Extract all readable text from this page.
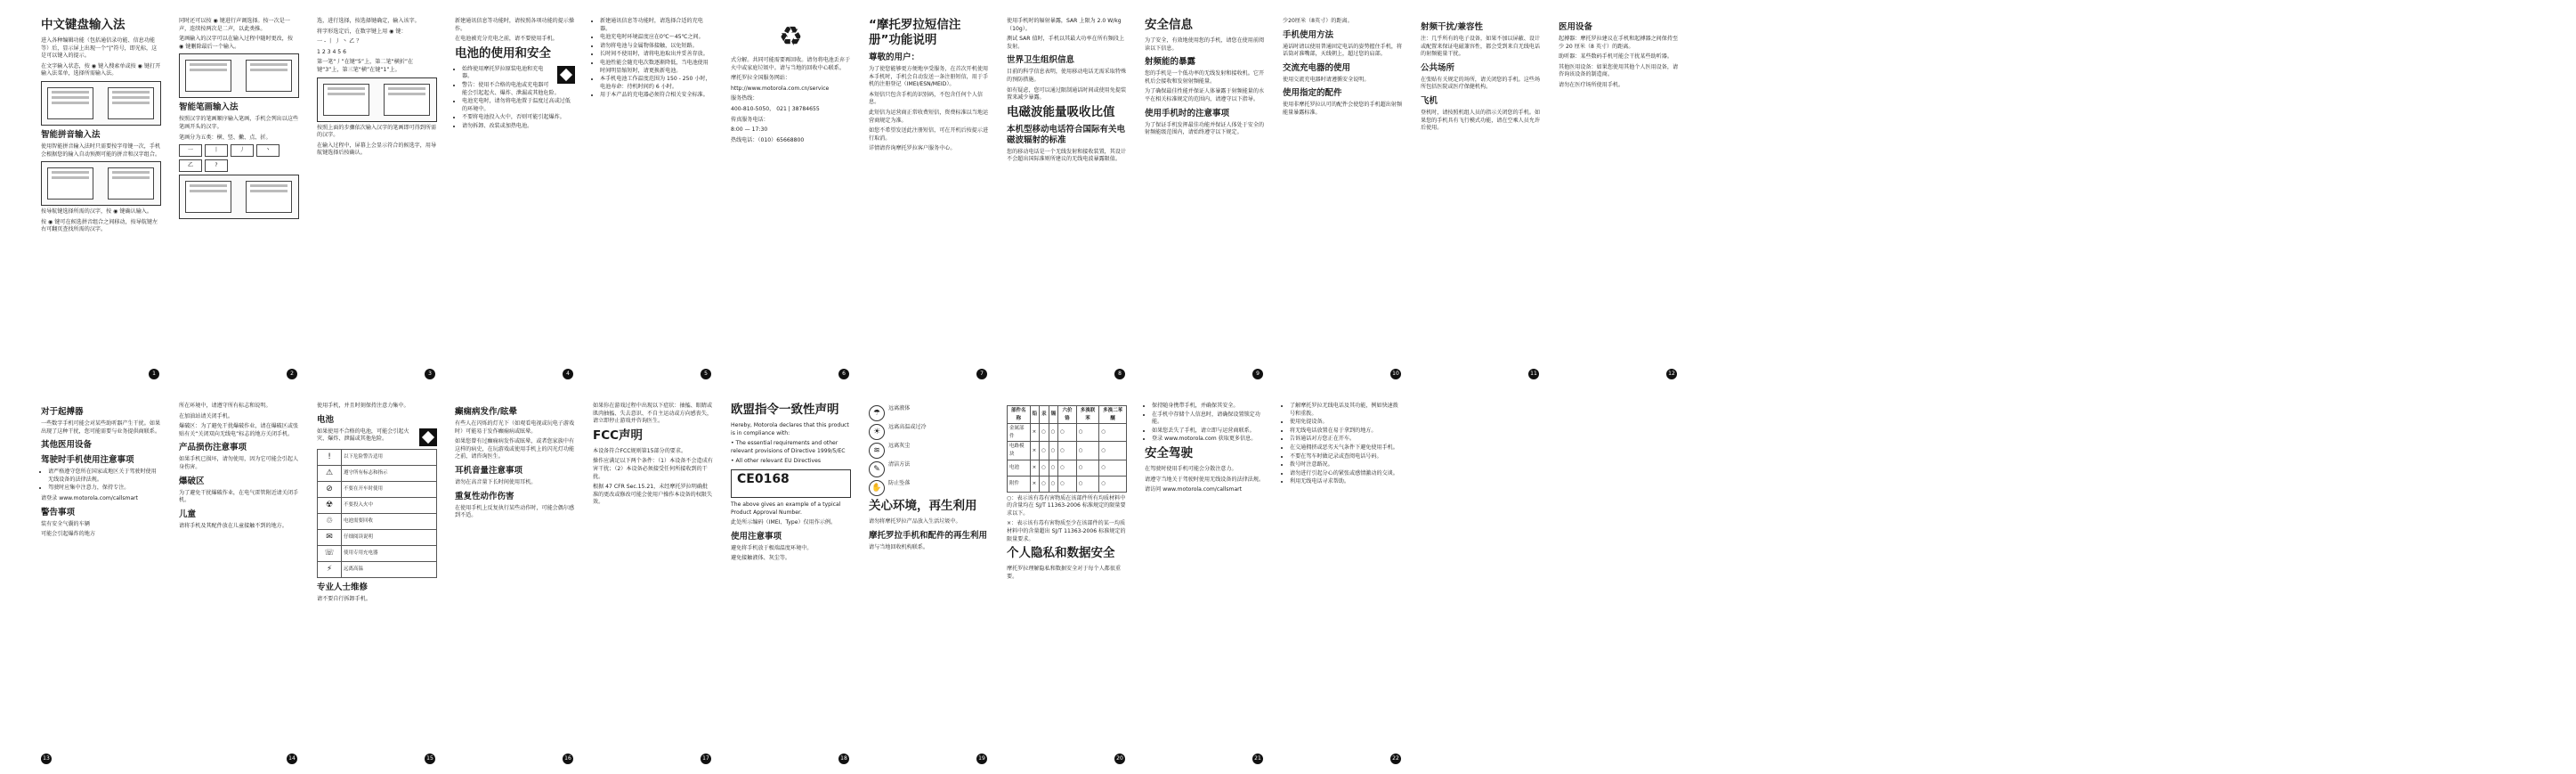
中文键盘输入法

进入各种编辑功能（包括通信录功能、信息功能等）后，显示屏上出现一个“|”符号，即光标，这是可以键入的提示。

在文字输入状态，按 ◉ 键入搜索单或按 ◉ 键打开输入法菜单，选择所需输入法。

智能拼音输入法

使用智能拼音输入法时只需要按字母键一次，手机会根据您的输入自动预测可能的拼音和汉字组合。

按导航键选择所需的汉字，按 ◉ 键确认输入。

按 ◉ 键可在候选拼音组合之间移动，按导航键左右可翻页查找所需的汉字。

1

同时还可以按 ◉ 键进行声调选择。按一次是一声，连续按两次是二声，以此类推。

笔画输入的汉字可以在输入过程中随时更改，按 ◉ 键删除最后一个输入。

智能笔画输入法

按照汉字的笔画顺序输入笔画，手机会列出以这些笔画开头的汉字。

笔画分为五类：横、竖、撇、点、折。

一	丨	丿	丶
乙	?
2

选，进行选择，按选择键确定，输入该字。

将字形选定后，在数字键上用 ◉ 键：

一 - 丨 丿 丶 乙 ？

1 2 3 4 5 6

第一笔“丿”在键“5”上，第二笔“横折”在键“3”上，第三笔“横”在键“1”上。

按照上面的步骤依次输入汉字的笔画即可得到所需的汉字。

在输入过程中，屏幕上会显示符合的候选字，用导航键选择后按确认。

3

新建通讯信息等功能时，请按照各项功能的提示操作。

在电池被充分充电之前，请不要使用手机。

电池的使用和安全
• 始终使用摩托罗拉原装电池和充电器。
• 警告：使用不合格的电池或充电器可能会引起起火、爆炸、泄漏或其他危险。
• 电池充电时，请勿将电池置于温度过高或过低的环境中。
• 不要将电池投入火中，否则可能引起爆炸。
• 请勿拆卸、改装或加热电池。
4
• 新建通讯信息等功能时，请选择合适的充电器。
• 电池充电时环境温度应在0℃～45℃之间。
• 请勿将电池与金属物体接触，以免短路。
• 长时间不使用时，请将电池取出并妥善存放。
• 电池性能会随充电次数逐渐降低，当电池使用时间明显缩短时，请更换新电池。
• 本手机电池工作温度范围为 150 - 250 小时，电池寿命：待机时间约 6 小时。
• 用于本产品的充电器必须符合相关安全标准。
5
♻

式分解。共同可能需要再回收。请勿将电池丢弃于火中或家庭垃圾中。请与当地的回收中心联系。

摩托罗拉全国服务网站：

http://www.motorola.com.cn/service

服务热线：

400-810-5050， 021 | 38784655

传真服务电话：

8:00 — 17:30

热线电话：（010）65668800

6
“摩托罗拉短信注册”功能说明
尊敬的用户：

为了使您能够更方便地享受服务，在首次开机使用本手机时，手机会自动发送一条注册短信，用于手机的注册登记（IMEI/ESN/MEID）。

本短信只包含手机的识别码，不包含任何个人信息。

此短信为运营商正常收费短信，资费标准以当地运营商规定为准。

如您不希望发送此注册短信，可在开机后按提示进行取消。

详情请咨询摩托罗拉客户服务中心。

7

使用手机时的辐射暴露，SAR 上限为 2.0 W/kg（10g）。

测试 SAR 值时，手机以其最大功率在所有频段上发射。

世界卫生组织信息

目前的科学信息表明，使用移动电话无需采取特殊的预防措施。

如有疑虑，您可以通过限制通话时间或使用免提装置来减少暴露。

电磁波能量吸收比值
本机型移动电话符合国际有关电磁波辐射的标准

您的移动电话是一个无线发射和接收装置，其设计不会超出国际准则所建议的无线电波暴露限值。

8
安全信息

为了安全，有效地使用您的手机，请您在使用前阅读以下信息。

射频能的暴露

您的手机是一个低功率的无线发射和接收机。它开机后会接收和发射射频能量。

为了确保最佳性能并保证人体暴露于射频能量的水平在相关标准规定的范围内，请遵守以下指导。

使用手机时的注意事项

为了保证手机发挥最佳功能并保证人体处于安全的射频能级范围内，请始终遵守以下规定。

9

少20厘米（8英寸）的距离。

手机使用方法

通话时请以使用普通固定电话的姿势握住手机，将话筒对准嘴部，天线朝上，超过您的肩部。

交流充电器的使用

使用交流充电器时请遵循安全说明。

使用指定的配件

使用非摩托罗拉认可的配件会使您的手机超出射频能量暴露标准。

10
射频干扰/兼容性

注：几乎所有的电子设备，如果不加以屏蔽、设计或配置来保证电磁兼容性，都会受到来自无线电话的射频能量干扰。

公共场所

在张贴有关规定的场所，请关闭您的手机。这些场所包括医院或医疗保健机构。

飞机

登机时，请按照机组人员的指示关闭您的手机。如果您的手机具有飞行模式功能，请在空乘人员允许后使用。

11
医用设备

起搏器：摩托罗拉建议在手机和起搏器之间保持至少 20 厘米（8 英寸）的距离。

助听器：某些数码手机可能会干扰某些助听器。

其他医用设备：如果您使用其他个人医用设备，请咨询该设备的制造商。

请勿在医疗场所使用手机。

12
对于起搏器

一些数字手机可能会对某些助听器产生干扰。如果出现了这种干扰，您可能需要与业务提供商联系。

其他医用设备
驾驶时手机使用注意事项
• 请严格遵守您所在国家或地区关于驾驶时使用无线设备的法律法规。
• 驾驶时应集中注意力，保持专注。

请登录 www.motorola.com/callsmart

警告事项

装有安全气囊的车辆

可能会引起爆炸的地方

13

所在环境中，请遵守所有标志和说明。

在加油站请关闭手机。

爆破区：为了避免干扰爆破作业，请在爆破区或张贴有关“关闭双向无线电”标志的地方关闭手机。

产品损伤注意事项

如果手机已损坏，请勿使用，因为它可能会引起人身伤害。

爆破区

为了避免干扰爆破作业，在电气雷管附近请关闭手机。

儿童

请将手机及其配件放在儿童接触不到的地方。

14

使用手机，并且时刻保持注意力集中。

电池

如果使用不合格的电池，可能会引起火灾、爆炸、泄漏或其他危险。

!	以下危险警告适用
⚠	遵守所有标志和指示
⊘	不要在开车时使用
☢	不要投入火中
♲	电池需要回收
✉	仔细阅读说明
☏	使用专用充电器
⚡	远离高温
专业人士维修

请不要自行拆卸手机。

15
癫痫病发作/眩晕

有些人在闪烁的灯光下（如观看电视或玩电子游戏时）可能易于发作癫痫病或眩晕。

如果您曾有过癫痫病发作或眩晕，或者您家族中有这样的病史，在玩游戏或使用手机上的闪光灯功能之前，请咨询医生。

耳机音量注意事项

请勿在高音量下长时间使用耳机。

重复性动作伤害

在使用手机上反复执行某些动作时，可能会偶尔感到不适。

16

如果你在游戏过程中出现以下症状：抽搐、眼睛或肌肉抽搐、失去意识、不自主运动或方向感丧失，请立即停止游戏并咨询医生。

FCC声明

本设备符合FCC规则第15部分的要求。

操作应满足以下两个条件：（1）本设备不会造成有害干扰；（2）本设备必须接受任何所接收到的干扰。

根据 47 CFR Sec.15.21，未经摩托罗拉明确批准的更改或修改可能会使用户操作本设备的权限失效。

17
欧盟指令一致性声明

Hereby, Motorola declares that this product is in compliance with:

• The essential requirements and other relevant provisions of Directive 1999/5/EC

• All other relevant EU Directives

CE0168

The above gives an example of a typical Product Approval Number.

此处所示编码（IMEI、Type）仅用作示例。

使用注意事项

避免将手机放于极端温度环境中。

避免接触液体、灰尘等。

18
☂
远离液体
☀
远离高温或过冷
≋
远离灰尘
✎
清洁方法
✋
防止坠落
关心环境，再生利用

请勿将摩托罗拉产品放入生活垃圾中。

摩托罗拉手机和配件的再生利用

请与当地回收机构联系。

19
部件名称	铅	汞	镉	六价铬	多溴联苯	多溴二苯醚
金属部件	×	○	○	○	○	○
电路模块	×	○	○	○	○	○
电池	×	○	○	○	○	○
附件	×	○	○	○	○	○

○：表示该有毒有害物质在该部件所有均质材料中的含量均在 SJ/T 11363-2006 标准规定的限量要求以下。

×：表示该有毒有害物质至少在该部件的某一均质材料中的含量超出 SJ/T 11363-2006 标准规定的限量要求。

个人隐私和数据安全

摩托罗拉理解隐私和数据安全对于每个人都很重要。

20
• 保持随身携带手机，并确保其安全。
• 在手机中存储个人信息时，请确保设置锁定功能。
• 如果您丢失了手机，请立即与运营商联系。
• 登录 www.motorola.com 获取更多信息。
安全驾驶

在驾驶时使用手机可能会分散注意力。

请遵守当地关于驾驶时使用无线设备的法律法规。

请访问 www.motorola.com/callsmart

21
• 了解摩托罗拉无线电话及其功能，例如快速拨号和重拨。
• 使用免提设备。
• 将无线电话放置在易于拿到的地方。
• 告诉通话对方您正在开车。
• 在交通拥挤或恶劣天气条件下避免使用手机。
• 不要在驾车时做记录或查阅电话号码。
• 拨号时注意路况。
• 请勿进行引起分心的紧张或感情激动的交谈。
• 利用无线电话寻求帮助。
22
